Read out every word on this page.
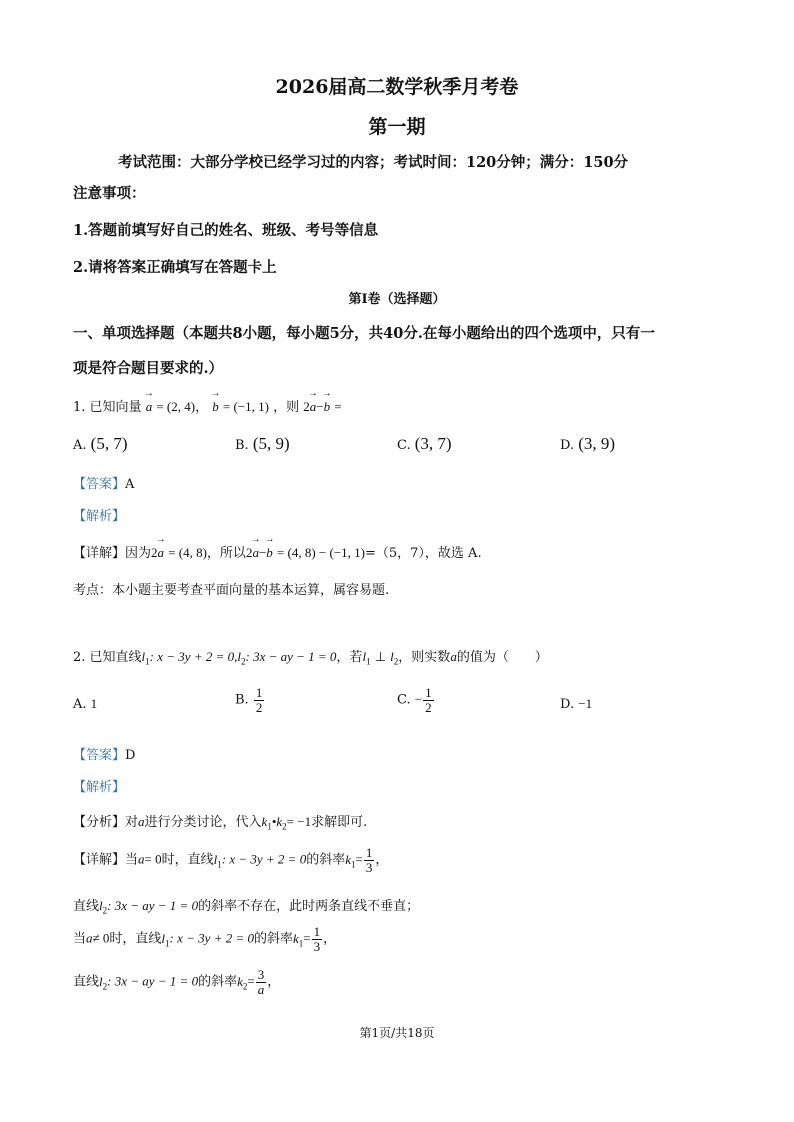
2026届高二数学秋季月考卷
第一期
考试范围：大部分学校已经学习过的内容；考试时间：120分钟；满分：150分
注意事项：
1.答题前填写好自己的姓名、班级、考号等信息
2.请将答案正确填写在答题卡上
第I卷（选择题）
一、单项选择题（本题共8小题，每小题5分，共40分.在每小题给出的四个选项中，只有一
项是符合题目要求的.）
1. 已知向量 → a = (2, 4)， → b = (−1, 1) ，则 2→ a−→ b =
A. (5, 7)	B. (5, 9)	C. (3, 7)	D. (3, 9)
【答案】A
【解析】
【详解】因为2→ a = (4, 8)，所以2→ a−→ b = (4, 8) − (−1, 1)=（5，7），故选 A.
考点：本小题主要考查平面向量的基本运算，属容易题.
2. 已知直线$l_1$: $x - 3y + 2 = 0,l_2$: 3x − ay − 1 = 0，若$l_1$ ⊥ $l_2$，则实数a的值为（　　）
A. 1	B. $\frac{1}{2}$	C. − $\frac{1}{2}$	D. −1
【答案】D
【解析】
【分析】对a进行分类讨论，代入$k_1•k_2= -1$求解即可.
【详解】当a= 0时，直线$l_1$: x − 3y + 2 = 0的斜率$k_1= \frac{1}{3}$ ，
直线$l_2$: 3x − ay − 1 = 0的斜率不存在，此时两条直线不垂直；
当a≠ 0时，直线$l_1$: x − 3y + 2 = 0的斜率$k_1= \frac{1}{3}$ ，
直线$l_2$: 3x − ay − 1 = 0的斜率$k_2= \frac{3}{a}$ ，
第1页/共18页
